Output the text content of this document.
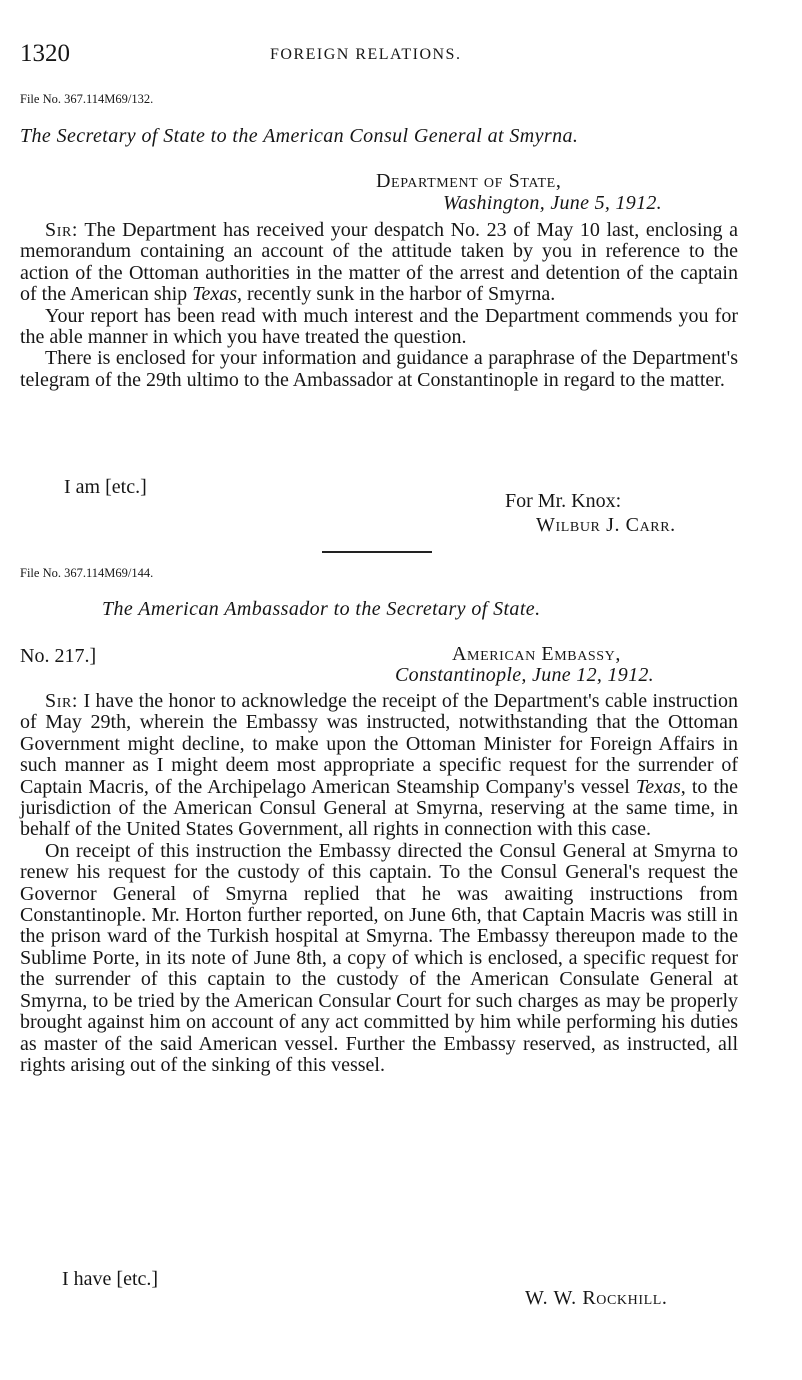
1320	FOREIGN RELATIONS.
File No. 367.114M69/132.
The Secretary of State to the American Consul General at Smyrna.
Department of State,
Washington, June 5, 1912.

Sir: The Department has received your despatch No. 23 of May 10 last, enclosing a memorandum containing an account of the attitude taken by you in reference to the action of the Ottoman authorities in the matter of the arrest and detention of the captain of the American ship Texas, recently sunk in the harbor of Smyrna.

Your report has been read with much interest and the Department commends you for the able manner in which you have treated the question.

There is enclosed for your information and guidance a paraphrase of the Department's telegram of the 29th ultimo to the Ambassador at Constantinople in regard to the matter.

I am [etc.]
For Mr. Knox:
Wilbur J. Carr.
File No. 367.114M69/144.
The American Ambassador to the Secretary of State.
No. 217.]	American Embassy,
Constantinople, June 12, 1912.

Sir: I have the honor to acknowledge the receipt of the Department's cable instruction of May 29th, wherein the Embassy was instructed, notwithstanding that the Ottoman Government might decline, to make upon the Ottoman Minister for Foreign Affairs in such manner as I might deem most appropriate a specific request for the surrender of Captain Macris, of the Archipelago American Steamship Company's vessel Texas, to the jurisdiction of the American Consul General at Smyrna, reserving at the same time, in behalf of the United States Government, all rights in connection with this case.

On receipt of this instruction the Embassy directed the Consul General at Smyrna to renew his request for the custody of this captain. To the Consul General's request the Governor General of Smyrna replied that he was awaiting instructions from Constantinople. Mr. Horton further reported, on June 6th, that Captain Macris was still in the prison ward of the Turkish hospital at Smyrna. The Embassy thereupon made to the Sublime Porte, in its note of June 8th, a copy of which is enclosed, a specific request for the surrender of this captain to the custody of the American Consulate General at Smyrna, to be tried by the American Consular Court for such charges as may be properly brought against him on account of any act committed by him while performing his duties as master of the said American vessel. Further the Embassy reserved, as instructed, all rights arising out of the sinking of this vessel.

I have [etc.]
W. W. Rockhill.
